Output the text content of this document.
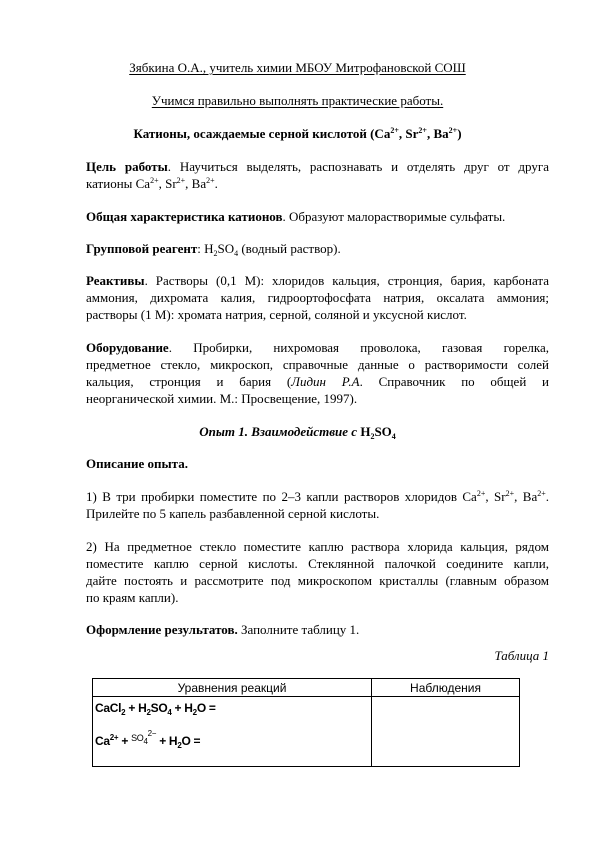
Зябкина О.А., учитель химии МБОУ Митрофановской СОШ
Учимся правильно выполнять практические работы.
Катионы, осаждаемые серной кислотой ($Ca^{2+}$, $Sr^{2+}$, $Ba^{2+}$)
Цель работы. Научиться выделять, распознавать и отделять друг от друга
катионы $Ca^{2+}$, $Sr^{2+}$, $Ba^{2+}$.
Общая характеристика катионов. Образуют малорастворимые сульфаты.
Групповой реагент: $H_2SO_4$ (водный раствор).
Реактивы. Растворы (0,1 М): хлоридов кальция, стронция, бария, карбоната
аммония, дихромата калия, гидроортофосфата натрия, оксалата аммония;
растворы (1 М): хромата натрия, серной, соляной и уксусной кислот.
Оборудование. Пробирки, нихромовая проволока, газовая горелка,
предметное стекло, микроскоп, справочные данные о растворимости солей
кальция, стронция и бария (Лидин Р.А. Справочник по общей и
неорганической химии. М.: Просвещение, 1997).
Опыт 1. Взаимодействие с $H_2SO_4$
Описание опыта.
1) В три пробирки поместите по 2–3 капли растворов хлоридов $Ca^{2+}$, $Sr^{2+}$, $Ba^{2+}$.
Прилейте по 5 капель разбавленной серной кислоты.
2) На предметное стекло поместите каплю раствора хлорида кальция, рядом
поместите каплю серной кислоты. Стеклянной палочкой соедините капли,
дайте постоять и рассмотрите под микроскопом кристаллы (главным образом
по краям капли).
Оформление результатов. Заполните таблицу 1.
Таблица 1
Уравнения реакций	Наблюдения

CaCl$_2$ + $H_2SO_4 + H_2O$ =
$Ca^{2+} + SO_4^{2-} + H_2O$ =	
